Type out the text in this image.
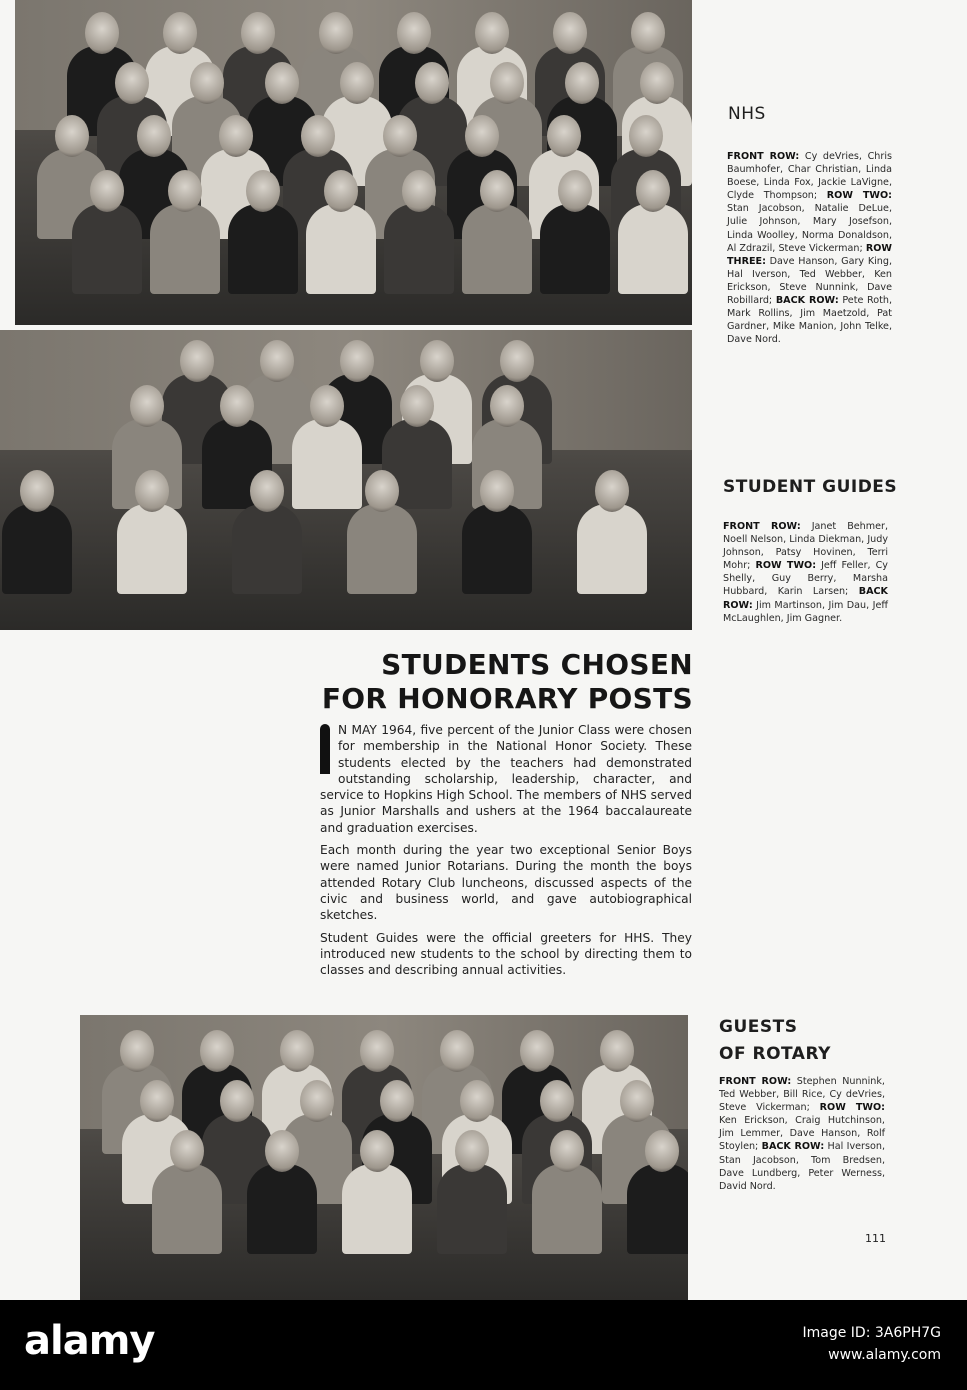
NHS
FRONT ROW: Cy deVries, Chris Baumhofer, Char Christian, Linda Boese, Linda Fox, Jackie LaVigne, Clyde Thompson; ROW TWO: Stan Jacobson, Natalie DeLue, Julie Johnson, Mary Josefson, Linda Woolley, Norma Donaldson, Al Zdrazil, Steve Vickerman; ROW THREE: Dave Hanson, Gary King, Hal Iverson, Ted Webber, Ken Erickson, Steve Nunnink, Dave Robillard; BACK ROW: Pete Roth, Mark Rollins, Jim Maetzold, Pat Gardner, Mike Manion, John Telke, Dave Nord.
STUDENT GUIDES
FRONT ROW: Janet Behmer, Noell Nelson, Linda Diekman, Judy Johnson, Patsy Hovinen, Terri Mohr; ROW TWO: Jeff Feller, Cy Shelly, Guy Berry, Marsha Hubbard, Karin Larsen; BACK ROW: Jim Martinson, Jim Dau, Jeff McLaughlen, Jim Gagner.
GUESTS
OF ROTARY
FRONT ROW: Stephen Nunnink, Ted Webber, Bill Rice, Cy deVries, Steve Vickerman; ROW TWO: Ken Erickson, Craig Hutchinson, Jim Lemmer, Dave Hanson, Rolf Stoylen; BACK ROW: Hal Iverson, Stan Jacobson, Tom Bredsen, Dave Lundberg, Peter Werness, David Nord.
STUDENTS CHOSEN
FOR HONORARY POSTS

N MAY 1964, five percent of the Junior Class were chosen for membership in the National Honor Society. These students elected by the teachers had demonstrated outstanding scholarship, leadership, character, and service to Hopkins High School. The members of NHS served as Junior Marshalls and ushers at the 1964 baccalaureate and graduation exercises.

Each month during the year two exceptional Senior Boys were named Junior Rotarians. During the month the boys attended Rotary Club luncheons, discussed aspects of the civic and business world, and gave autobiographical sketches.

Student Guides were the official greeters for HHS. They introduced new students to the school by directing them to classes and describing annual activities.

111
alamy	Image ID: 3A6PH7G
www.alamy.com
